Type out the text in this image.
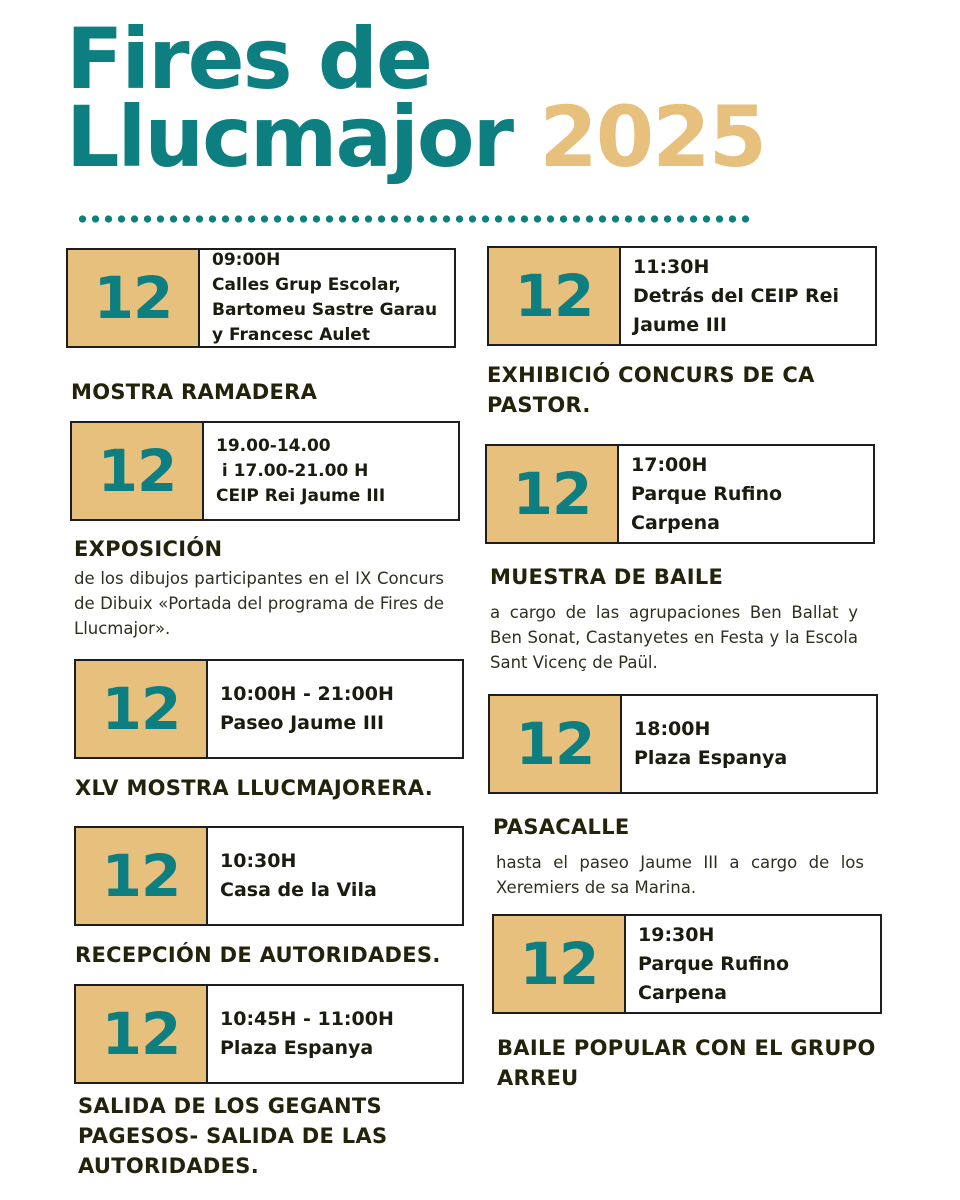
Fires de
Llucmajor 2025
12
09:00H
Calles Grup Escolar,
Bartomeu Sastre Garau
y Francesc Aulet
MOSTRA RAMADERA
12	19.00-14.00
i 17.00-21.00 H
CEIP Rei Jaume III
EXPOSICIÓN

de los dibujos participantes en el IX Concurs de Dibuix «Portada del programa de Fires de Llucmajor».

12	10:00H - 21:00H
Paseo Jaume III
XLV MOSTRA LLUCMAJORERA.
12	10:30H
Casa de la Vila
RECEPCIÓN DE AUTORIDADES.
12	10:45H - 11:00H
Plaza Espanya
SALIDA DE LOS GEGANTS PAGESOS- SALIDA DE LAS AUTORIDADES.
12	11:30H
Detrás del CEIP Rei
Jaume III
EXHIBICIÓ CONCURS DE CA PASTOR.
12	17:00H
Parque Rufino
Carpena
MUESTRA DE BAILE

a cargo de las agrupaciones Ben Ballat y Ben Sonat, Castanyetes en Festa y la Escola Sant Vicenç de Paül.

12	18:00H
Plaza Espanya
PASACALLE

hasta el paseo Jaume III a cargo de los Xeremiers de sa Marina.

12	19:30H
Parque Rufino
Carpena
BAILE POPULAR CON EL GRUPO ARREU
